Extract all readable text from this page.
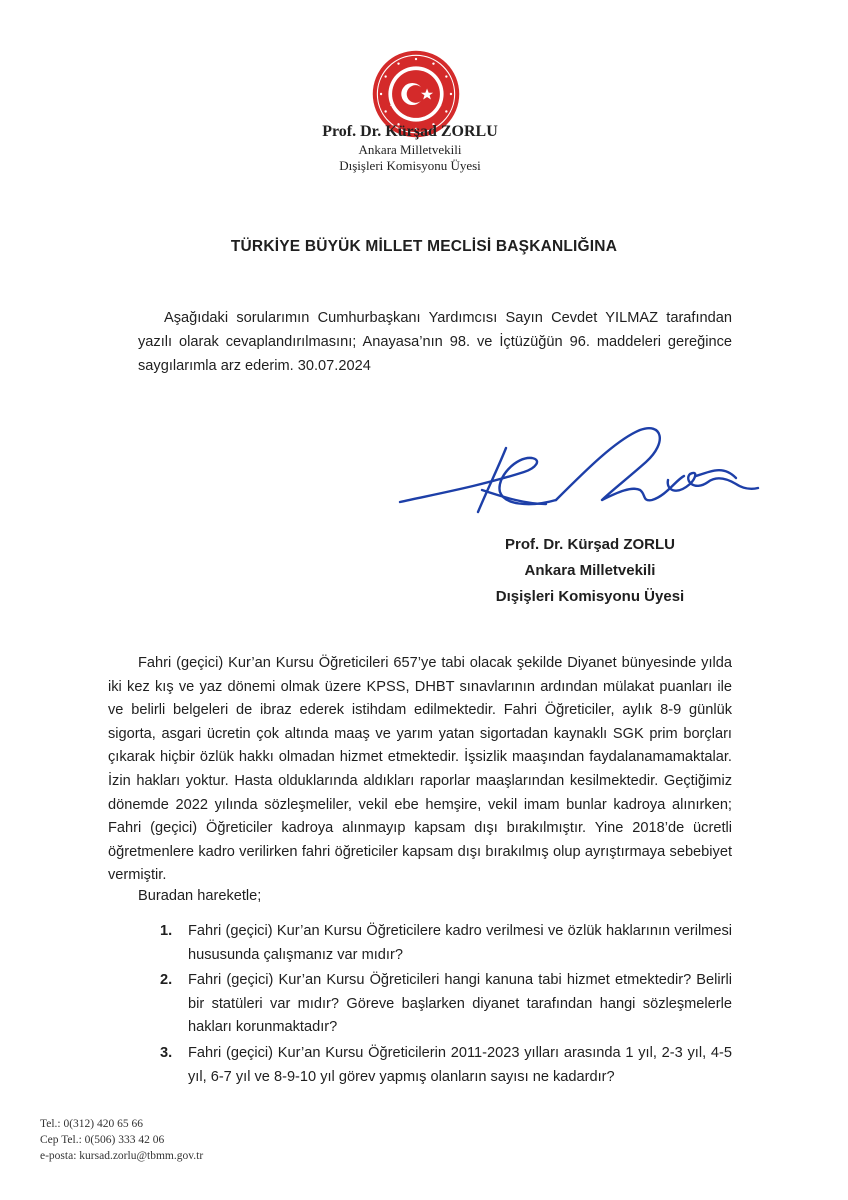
Prof. Dr. Kürşad ZORLU
Ankara Milletvekili
Dışişleri Komisyonu Üyesi
TÜRKİYE BÜYÜK MİLLET MECLİSİ BAŞKANLIĞINA

Aşağıdaki sorularımın Cumhurbaşkanı Yardımcısı Sayın Cevdet YILMAZ tarafından yazılı olarak cevaplandırılmasını; Anayasa’nın 98. ve İçtüzüğün 96. maddeleri gereğince saygılarımla arz ederim. 30.07.2024

Prof. Dr. Kürşad ZORLU
Ankara Milletvekili
Dışişleri Komisyonu Üyesi

Fahri (geçici) Kur’an Kursu Öğreticileri 657’ye tabi olacak şekilde Diyanet bünyesinde yılda iki kez kış ve yaz dönemi olmak üzere KPSS, DHBT sınavlarının ardından mülakat puanları ile ve belirli belgeleri de ibraz ederek istihdam edilmektedir. Fahri Öğreticiler, aylık 8-9 günlük sigorta, asgari ücretin çok altında maaş ve yarım yatan sigortadan kaynaklı SGK prim borçları çıkarak hiçbir özlük hakkı olmadan hizmet etmektedir. İşsizlik maaşından faydalanamamaktalar. İzin hakları yoktur. Hasta olduklarında aldıkları raporlar maaşlarından kesilmektedir. Geçtiğimiz dönemde 2022 yılında sözleşmeliler, vekil ebe hemşire, vekil imam bunlar kadroya alınırken; Fahri (geçici) Öğreticiler kadroya alınmayıp kapsam dışı bırakılmıştır. Yine 2018’de ücretli öğretmenlere kadro verilirken fahri öğreticiler kapsam dışı bırakılmış olup ayrıştırmaya sebebiyet vermiştir.

Buradan hareketle;
1.	Fahri (geçici) Kur’an Kursu Öğreticilere kadro verilmesi ve özlük haklarının verilmesi hususunda çalışmanız var mıdır?
2.	Fahri (geçici) Kur’an Kursu Öğreticileri hangi kanuna tabi hizmet etmektedir? Belirli bir statüleri var mıdır? Göreve başlarken diyanet tarafından hangi sözleşmelerle hakları korunmaktadır?
3.	Fahri (geçici) Kur’an Kursu Öğreticilerin 2011-2023 yılları arasında 1 yıl, 2-3 yıl, 4-5 yıl, 6-7 yıl ve 8-9-10 yıl görev yapmış olanların sayısı ne kadardır?
Tel.: 0(312) 420 65 66
Cep Tel.: 0(506) 333 42 06
e-posta: kursad.zorlu@tbmm.gov.tr
